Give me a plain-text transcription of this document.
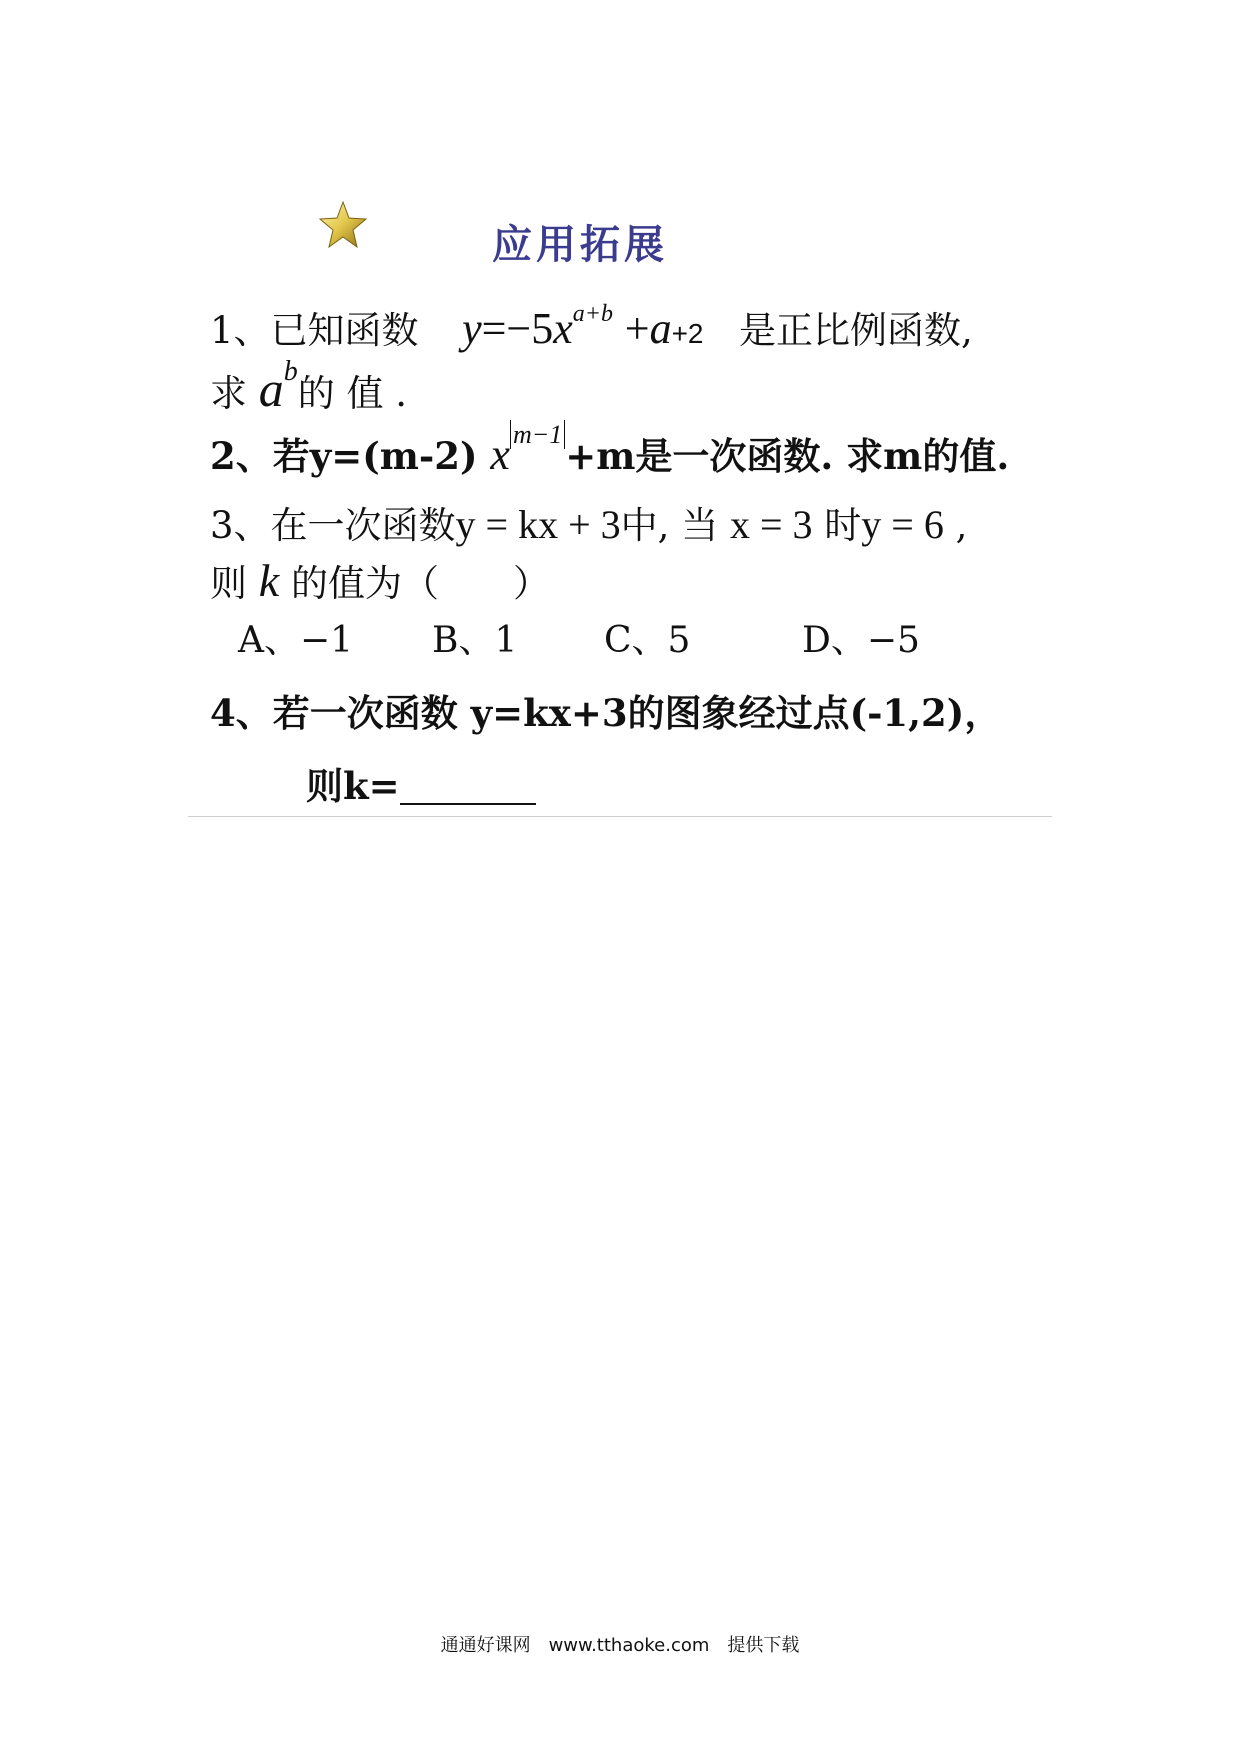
应用拓展
1、已知函数 $y=-5x^{a+b} +a+2$ 是正比例函数,
求 $a^b$的 值 .
2、若y=(m-2) x $^{m-1}$+m是一次函数. 求m的值.
3、在一次函数y = kx + 3中, 当 x = 3 时y = 6 ,
则 k 的值为（　　）
A、−1 B、1 C、5	D、−5
4、若一次函数 y=kx+3的图象经过点(-1,2)，
则k=
通通好课网　www.tthaoke.com　提供下载
